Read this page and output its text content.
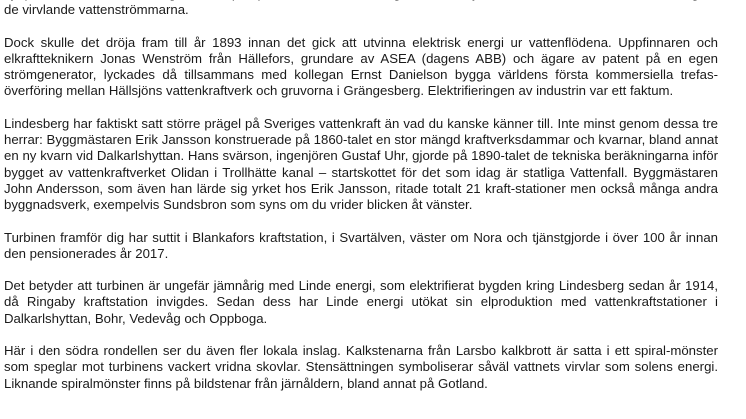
de virvlande vattenströmmarna.

Dock skulle det dröja fram till år 1893 innan det gick att utvinna elektrisk energi ur vattenflödena. Uppfinnaren och elkraftteknikern Jonas Wenström från Hällefors, grundare av ASEA (dagens ABB) och ägare av patent på en egen strömgenerator, lyckades då tillsammans med kollegan Ernst Danielson bygga världens första kommersiella trefas-överföring mellan Hällsjöns vattenkraftverk och gruvorna i Grängesberg. Elektrifieringen av industrin var ett faktum.

Lindesberg har faktiskt satt större prägel på Sveriges vattenkraft än vad du kanske känner till. Inte minst genom dessa tre herrar: Byggmästaren Erik Jansson konstruerade på 1860-talet en stor mängd kraftverksdammar och kvarnar, bland annat en ny kvarn vid Dalkarlshyttan. Hans svärson, ingenjören Gustaf Uhr, gjorde på 1890-talet de tekniska beräkningarna inför bygget av vattenkraftverket Olidan i Trollhätte kanal – startskottet för det som idag är statliga Vattenfall. Byggmästaren John Andersson, som även han lärde sig yrket hos Erik Jansson, ritade totalt 21 kraft-stationer men också många andra byggnadsverk, exempelvis Sundsbron som syns om du vrider blicken åt vänster.

Turbinen framför dig har suttit i Blankafors kraftstation, i Svartälven, väster om Nora och tjänstgjorde i över 100 år innan den pensionerades år 2017.

Det betyder att turbinen är ungefär jämnårig med Linde energi, som elektrifierat bygden kring Lindesberg sedan år 1914, då Ringaby kraftstation invigdes. Sedan dess har Linde energi utökat sin elproduktion med vattenkraftstationer i Dalkarlshyttan, Bohr, Vedevåg och Oppboga.

Här i den södra rondellen ser du även fler lokala inslag. Kalkstenarna från Larsbo kalkbrott är satta i ett spiral-mönster som speglar mot turbinens vackert vridna skovlar. Stensättningen symboliserar såväl vattnets virvlar som solens energi. Liknande spiralmönster finns på bildstenar från järnåldern, bland annat på Gotland.
